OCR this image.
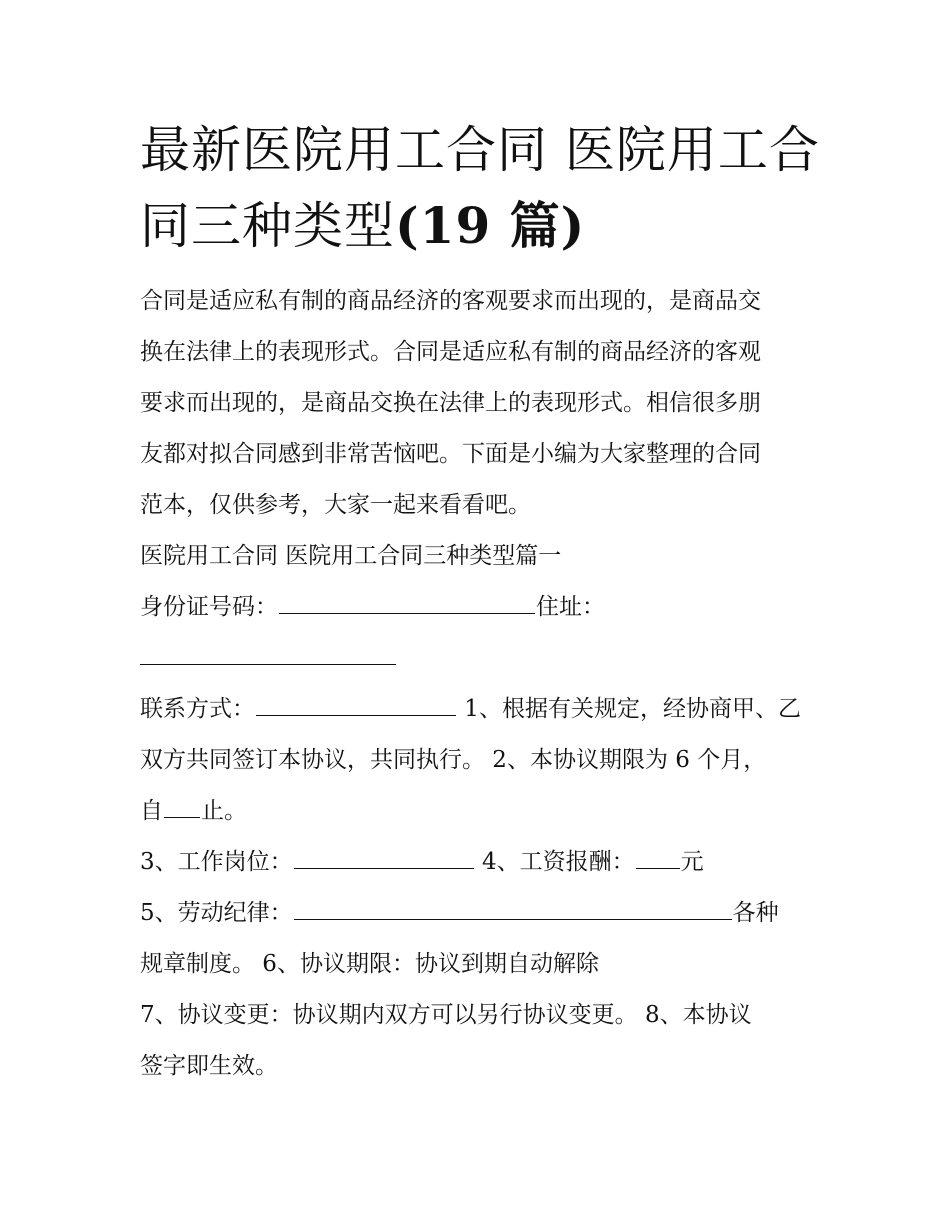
最新医院用工合同 医院用工合
同三种类型(19 篇)
合同是适应私有制的商品经济的客观要求而出现的，是商品交
换在法律上的表现形式。合同是适应私有制的商品经济的客观
要求而出现的，是商品交换在法律上的表现形式。相信很多朋
友都对拟合同感到非常苦恼吧。下面是小编为大家整理的合同
范本，仅供参考，大家一起来看看吧。
医院用工合同 医院用工合同三种类型篇一
身份证号码：	住址：
联系方式：	1、根据有关规定，经协商甲、乙
双方共同签订本协议，共同执行。 2、本协议期限为 6 个月，
自 止。
3、工作岗位：	4、工资报酬： 元
5、劳动纪律：	各种
规章制度。 6、协议期限：协议到期自动解除
7、协议变更：协议期内双方可以另行协议变更。 8、本协议
签字即生效。
